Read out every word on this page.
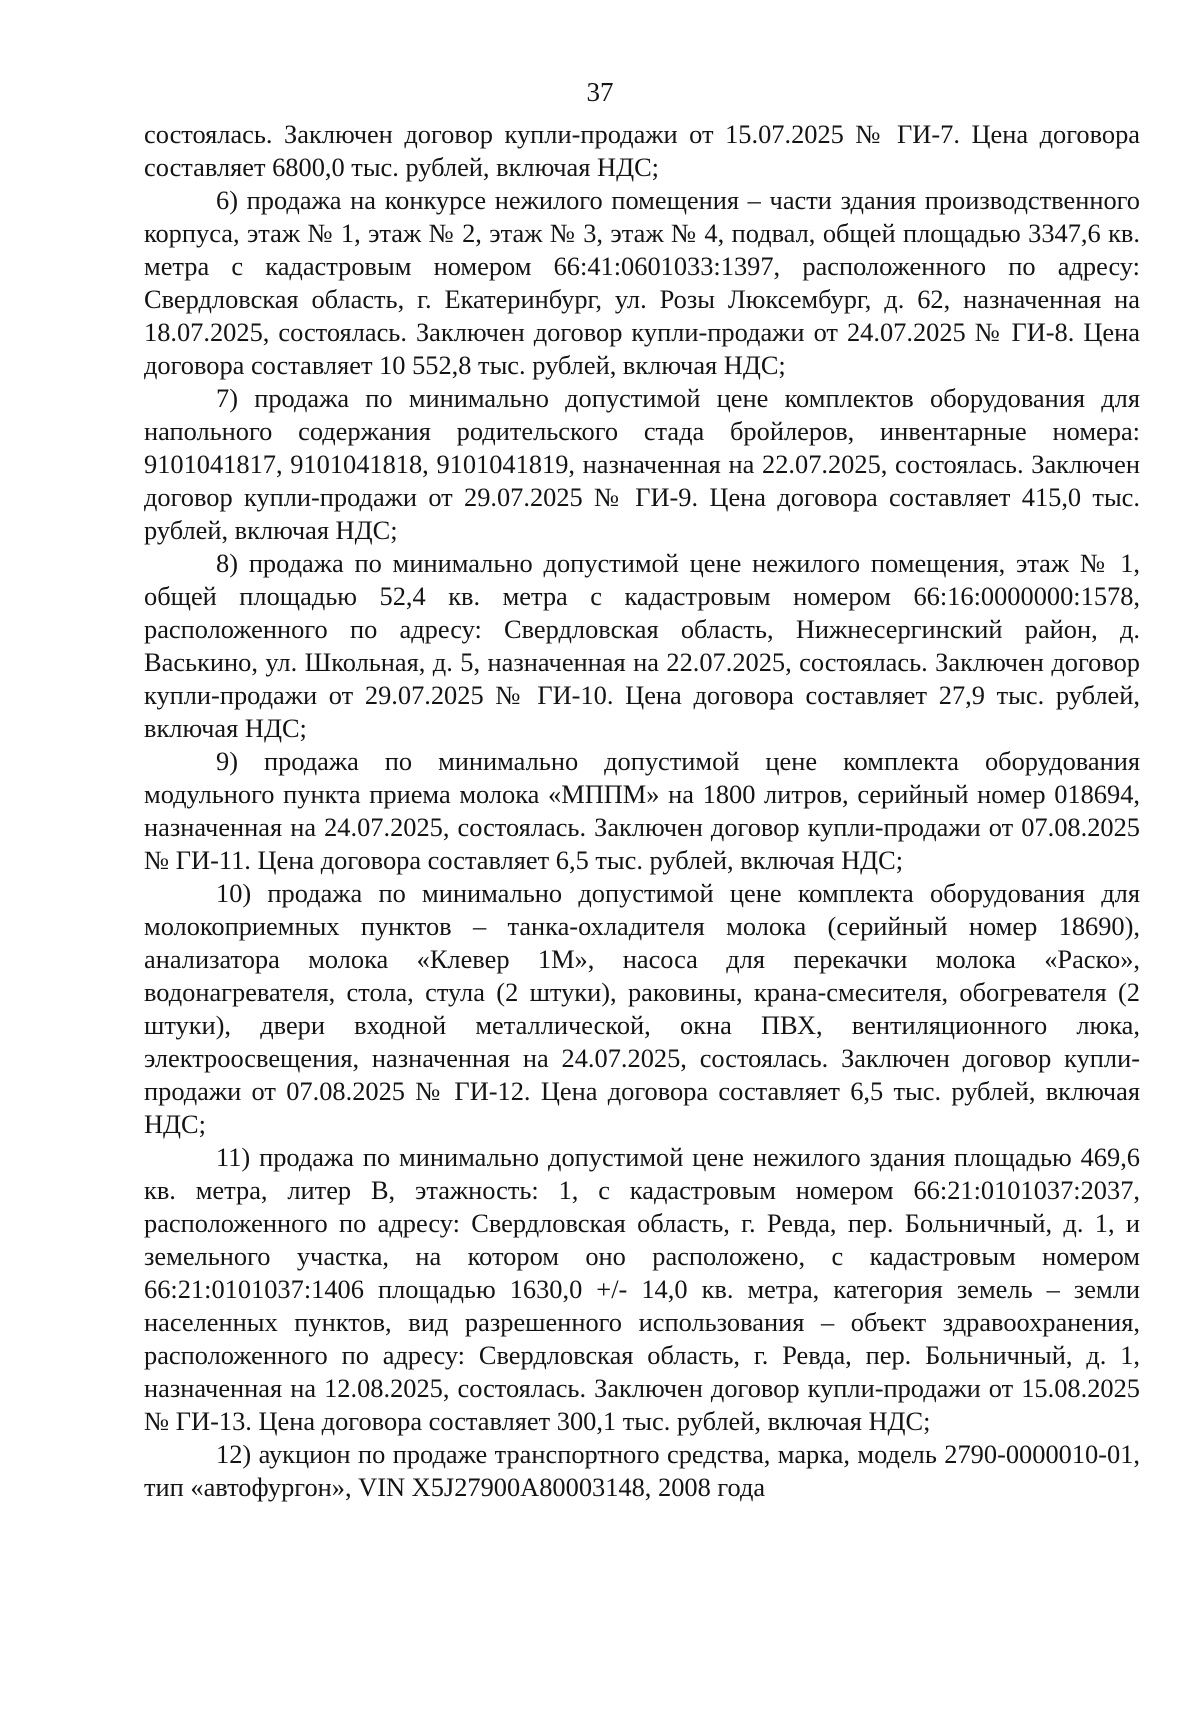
37

состоялась. Заключен договор купли-продажи от 15.07.2025 № ГИ-7. Цена договора составляет 6800,0 тыс. рублей, включая НДС;

6) продажа на конкурсе нежилого помещения – части здания производственного корпуса, этаж № 1, этаж № 2, этаж № 3, этаж № 4, подвал, общей площадью 3347,6 кв. метра с кадастровым номером 66:41:0601033:1397, расположенного по адресу: Свердловская область, г. Екатеринбург, ул. Розы Люксембург, д. 62, назначенная на 18.07.2025, состоялась. Заключен договор купли-продажи от 24.07.2025 № ГИ-8. Цена договора составляет 10 552,8 тыс. рублей, включая НДС;

7) продажа по минимально допустимой цене комплектов оборудования для напольного содержания родительского стада бройлеров, инвентарные номера: 9101041817, 9101041818, 9101041819, назначенная на 22.07.2025, состоялась. Заключен договор купли-продажи от 29.07.2025 № ГИ-9. Цена договора составляет 415,0 тыс. рублей, включая НДС;

8) продажа по минимально допустимой цене нежилого помещения, этаж № 1, общей площадью 52,4 кв. метра с кадастровым номером 66:16:0000000:1578, расположенного по адресу: Свердловская область, Нижнесергинский район, д. Васькино, ул. Школьная, д. 5, назначенная на 22.07.2025, состоялась. Заключен договор купли-продажи от 29.07.2025 № ГИ-10. Цена договора составляет 27,9 тыс. рублей, включая НДС;

9) продажа по минимально допустимой цене комплекта оборудования модульного пункта приема молока «МППМ» на 1800 литров, серийный номер 018694, назначенная на 24.07.2025, состоялась. Заключен договор купли-продажи от 07.08.2025 № ГИ-11. Цена договора составляет 6,5 тыс. рублей, включая НДС;

10) продажа по минимально допустимой цене комплекта оборудования для молокоприемных пунктов – танка-охладителя молока (серийный номер 18690), анализатора молока «Клевер 1М», насоса для перекачки молока «Раско», водонагревателя, стола, стула (2 штуки), раковины, крана-смесителя, обогревателя (2 штуки), двери входной металлической, окна ПВХ, вентиляционного люка, электроосвещения, назначенная на 24.07.2025, состоялась. Заключен договор купли-продажи от 07.08.2025 № ГИ-12. Цена договора составляет 6,5 тыс. рублей, включая НДС;

11) продажа по минимально допустимой цене нежилого здания площадью 469,6 кв. метра, литер В, этажность: 1, с кадастровым номером 66:21:0101037:2037, расположенного по адресу: Свердловская область, г. Ревда, пер. Больничный, д. 1, и земельного участка, на котором оно расположено, с кадастровым номером 66:21:0101037:1406 площадью 1630,0 +/- 14,0 кв. метра, категория земель – земли населенных пунктов, вид разрешенного использования – объект здравоохранения, расположенного по адресу: Свердловская область, г. Ревда, пер. Больничный, д. 1, назначенная на 12.08.2025, состоялась. Заключен договор купли-продажи от 15.08.2025 № ГИ-13. Цена договора составляет 300,1 тыс. рублей, включая НДС;

12) аукцион по продаже транспортного средства, марка, модель 2790-0000010-01, тип «автофургон», VIN X5J27900A80003148, 2008 года
